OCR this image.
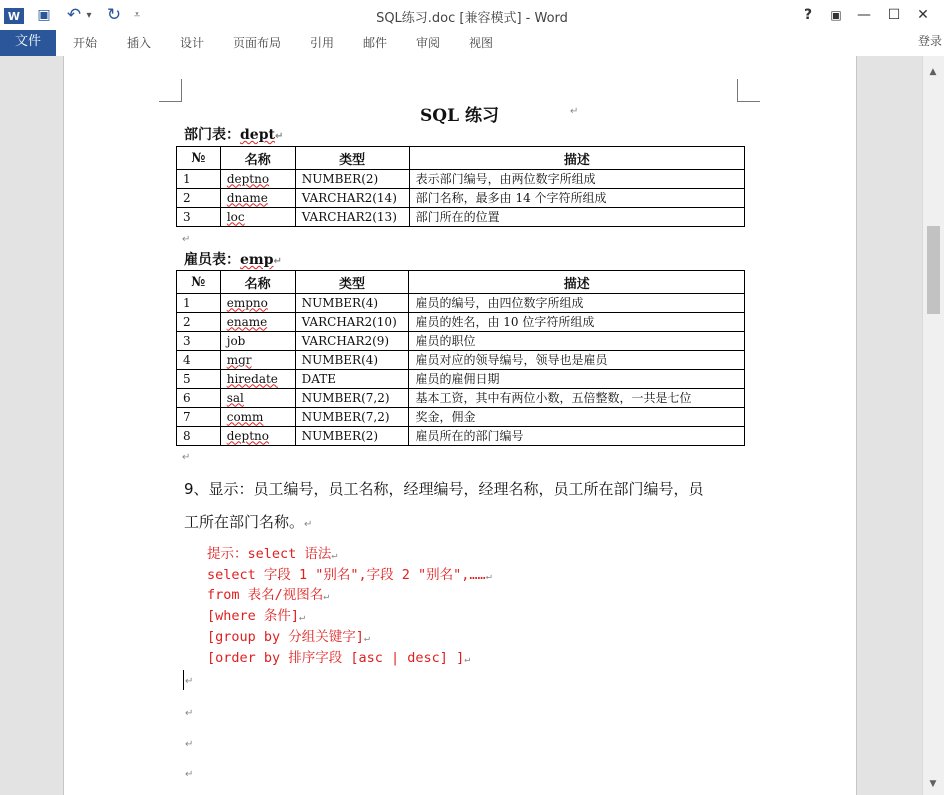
W ▣ ↶ ▾ ↻	⩡	SQL练习.doc [兼容模式] - Word	?	▣	—	☐	✕
文件	开始 插入 设计 页面布局 引用 邮件 审阅 视图	登录
SQL 练习	↵
部门表：dept↵
№	名称	类型	描述
1	deptno	NUMBER(2)	表示部门编号，由两位数字所组成
2	dname	VARCHAR2(14)	部门名称，最多由 14 个字符所组成
3	loc	VARCHAR2(13)	部门所在的位置
↵
雇员表：emp↵
№	名称	类型	描述
1	empno	NUMBER(4)	雇员的编号，由四位数字所组成
2	ename	VARCHAR2(10)	雇员的姓名，由 10 位字符所组成
3	job	VARCHAR2(9)	雇员的职位
4	mgr	NUMBER(4)	雇员对应的领导编号，领导也是雇员
5	hiredate	DATE	雇员的雇佣日期
6	sal	NUMBER(7,2)	基本工资，其中有两位小数，五倍整数，一共是七位
7	comm	NUMBER(7,2)	奖金，佣金
8	deptno	NUMBER(2)	雇员所在的部门编号
↵
9、显示：员工编号，员工名称，经理编号，经理名称，员工所在部门编号，员
工所在部门名称。↵
提示：select 语法↵
select 字段 1 "别名",字段 2 "别名",……↵
from 表名/视图名↵
[where 条件]↵
[group by 分组关键字]↵
[order by 排序字段 [asc | desc] ]↵
↵
↵
↵
↵
▲
▼
